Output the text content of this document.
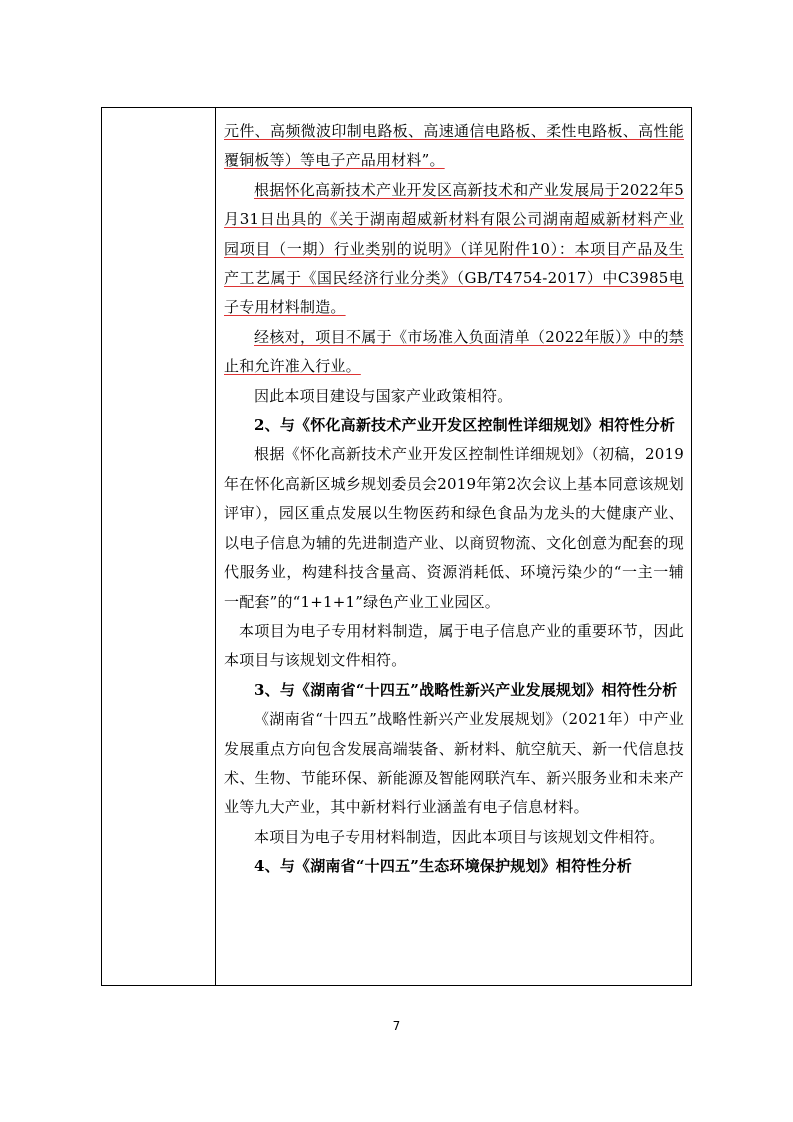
元件、高频微波印制电路板、高速通信电路板、柔性电路板、高性能覆铜板等）等电子产品用材料”。

根据怀化高新技术产业开发区高新技术和产业发展局于2022年5月31日出具的《关于湖南超威新材料有限公司湖南超威新材料产业园项目（一期）行业类别的说明》（详见附件10）：本项目产品及生产工艺属于《国民经济行业分类》（GB/T4754-2017）中C3985电子专用材料制造。

经核对，项目不属于《市场准入负面清单（2022年版）》中的禁止和允许准入行业。

因此本项目建设与国家产业政策相符。

2、与《怀化高新技术产业开发区控制性详细规划》相符性分析

根据《怀化高新技术产业开发区控制性详细规划》（初稿，2019年在怀化高新区城乡规划委员会2019年第2次会议上基本同意该规划评审），园区重点发展以生物医药和绿色食品为龙头的大健康产业、以电子信息为辅的先进制造产业、以商贸物流、文化创意为配套的现代服务业，构建科技含量高、资源消耗低、环境污染少的“一主一辅一配套”的“1+1+1”绿色产业工业园区。

本项目为电子专用材料制造，属于电子信息产业的重要环节，因此本项目与该规划文件相符。

3、与《湖南省“十四五”战略性新兴产业发展规划》相符性分析

《湖南省“十四五”战略性新兴产业发展规划》（2021年）中产业发展重点方向包含发展高端装备、新材料、航空航天、新一代信息技术、生物、节能环保、新能源及智能网联汽车、新兴服务业和未来产业等九大产业，其中新材料行业涵盖有电子信息材料。

本项目为电子专用材料制造，因此本项目与该规划文件相符。

4、与《湖南省“十四五”生态环境保护规划》相符性分析

7
